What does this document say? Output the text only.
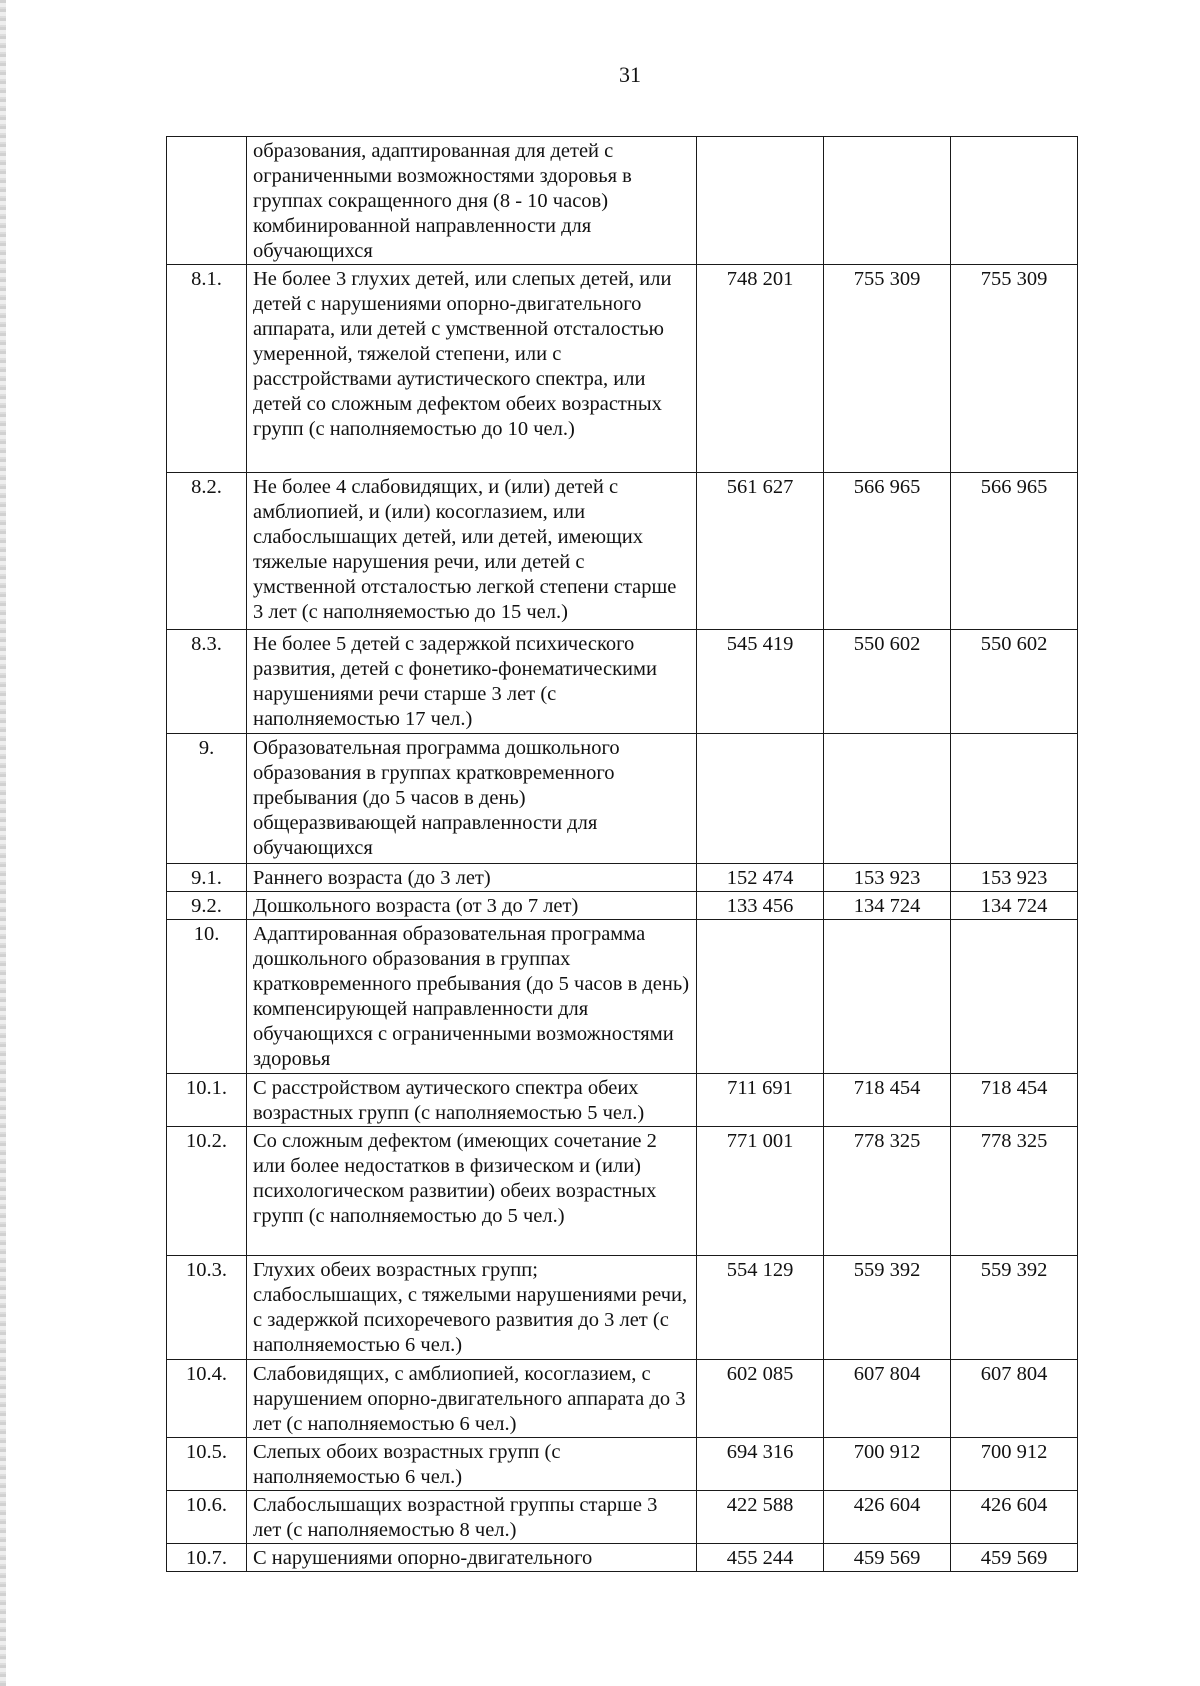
31
	образования, адаптированная для детей с ограниченными возможностями здоровья в группах сокращенного дня (8 - 10 часов) комбинированной направленности для обучающихся			
8.1.	Не более 3 глухих детей, или слепых детей, или детей с нарушениями опорно-двигательного аппарата, или детей с умственной отсталостью умеренной, тяжелой степени, или с расстройствами аутистического спектра, или детей со сложным дефектом обеих возрастных групп (с наполняемостью до 10 чел.)	748 201	755 309	755 309
8.2.	Не более 4 слабовидящих, и (или) детей с амблиопией, и (или) косоглазием, или слабослышащих детей, или детей, имеющих тяжелые нарушения речи, или детей с умственной отсталостью легкой степени старше 3 лет (с наполняемостью до 15 чел.)	561 627	566 965	566 965
8.3.	Не более 5 детей с задержкой психического развития, детей с фонетико-фонематическими нарушениями речи старше 3 лет (с наполняемостью 17 чел.)	545 419	550 602	550 602
9.	Образовательная программа дошкольного образования в группах кратковременного пребывания (до 5 часов в день) общеразвивающей направленности для обучающихся			
9.1.	Раннего возраста (до 3 лет)	152 474	153 923	153 923
9.2.	Дошкольного возраста (от 3 до 7 лет)	133 456	134 724	134 724
10.	Адаптированная образовательная программа дошкольного образования в группах кратковременного пребывания (до 5 часов в день) компенсирующей направленности для обучающихся с ограниченными возможностями здоровья			
10.1.	С расстройством аутического спектра обеих возрастных групп (с наполняемостью 5 чел.)	711 691	718 454	718 454
10.2.	Со сложным дефектом (имеющих сочетание 2 или более недостатков в физическом и (или) психологическом развитии) обеих возрастных групп (с наполняемостью до 5 чел.)	771 001	778 325	778 325
10.3.	Глухих обеих возрастных групп; слабослышащих, с тяжелыми нарушениями речи, с задержкой психоречевого развития до 3 лет (с наполняемостью 6 чел.)	554 129	559 392	559 392
10.4.	Слабовидящих, с амблиопией, косоглазием, с нарушением опорно-двигательного аппарата до 3 лет (с наполняемостью 6 чел.)	602 085	607 804	607 804
10.5.	Слепых обоих возрастных групп (с наполняемостью 6 чел.)	694 316	700 912	700 912
10.6.	Слабослышащих возрастной группы старше 3 лет (с наполняемостью 8 чел.)	422 588	426 604	426 604
10.7.	С нарушениями опорно-двигательного	455 244	459 569	459 569
